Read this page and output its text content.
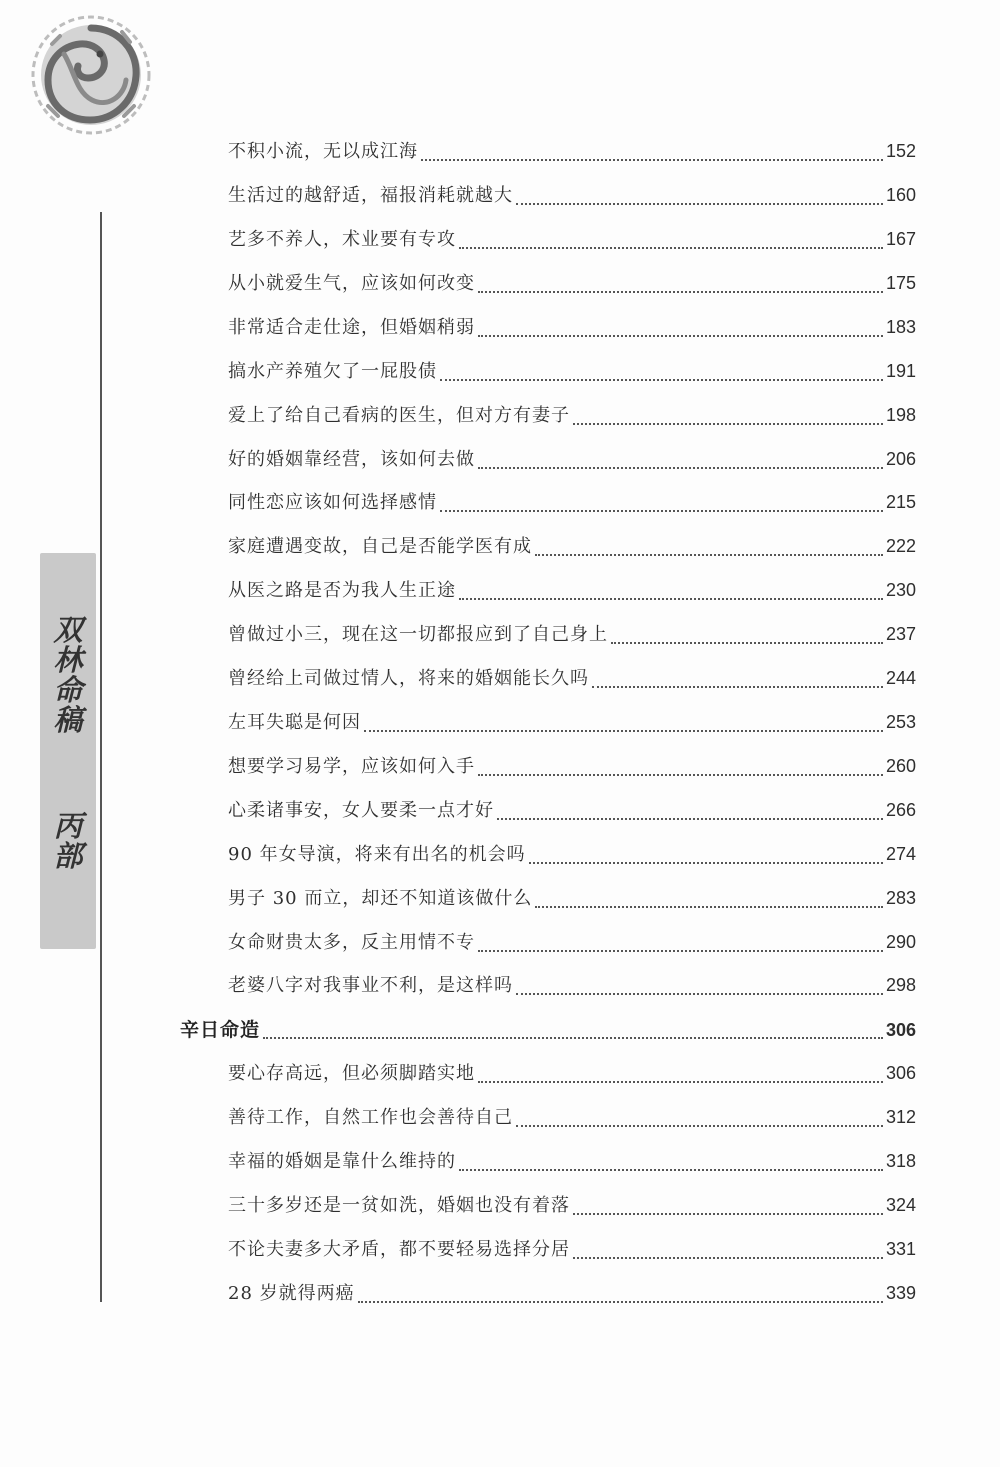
双
林
命
稿
丙
部
不积小流，无以成江海	152
生活过的越舒适，福报消耗就越大	160
艺多不养人，术业要有专攻	167
从小就爱生气，应该如何改变	175
非常适合走仕途，但婚姻稍弱	183
搞水产养殖欠了一屁股债	191
爱上了给自己看病的医生，但对方有妻子	198
好的婚姻靠经营，该如何去做	206
同性恋应该如何选择感情	215
家庭遭遇变故，自己是否能学医有成	222
从医之路是否为我人生正途	230
曾做过小三，现在这一切都报应到了自己身上	237
曾经给上司做过情人，将来的婚姻能长久吗	244
左耳失聪是何因	253
想要学习易学，应该如何入手	260
心柔诸事安，女人要柔一点才好	266
90 年女导演，将来有出名的机会吗	274
男子 30 而立，却还不知道该做什么	283
女命财贵太多，反主用情不专	290
老婆八字对我事业不利，是这样吗	298
辛日命造	306
要心存高远，但必须脚踏实地	306
善待工作，自然工作也会善待自己	312
幸福的婚姻是靠什么维持的	318
三十多岁还是一贫如洗，婚姻也没有着落	324
不论夫妻多大矛盾，都不要轻易选择分居	331
28 岁就得两癌	339
